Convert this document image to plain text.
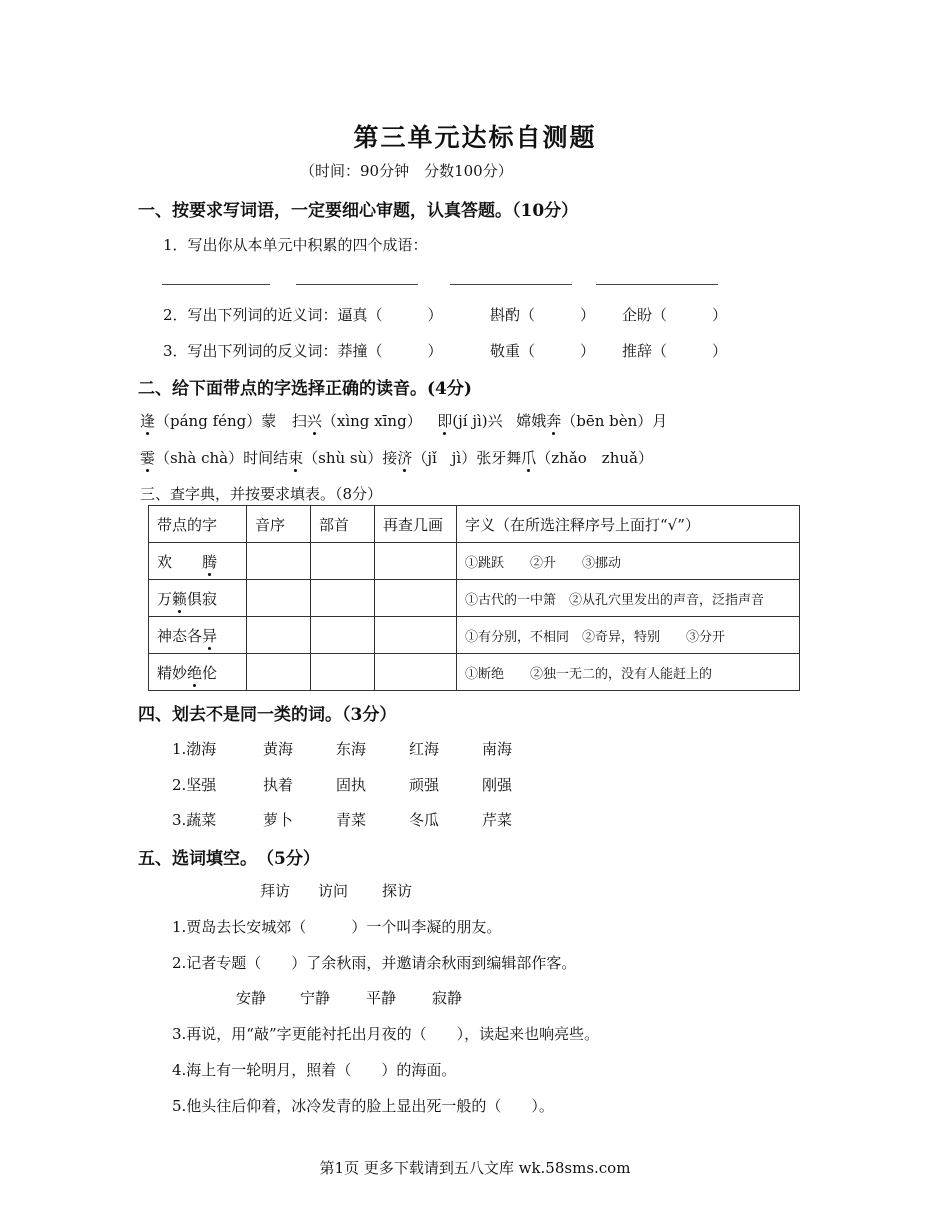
第三单元达标自测题
（时间：90分钟　分数100分）
一、按要求写词语，一定要细心审题，认真答题。（10分）
1．写出你从本单元中积累的四个成语：
2．写出下列词的近义词：逼真（　　　）	斟酌（　　　） 企盼（　　　）
3．写出下列词的反义词：莽撞（　　　）	敬重（　　　） 推辞（　　　）
二、给下面带点的字选择正确的读音。(4分)
逢（páng féng）蒙 扫兴（xìng xīng） 即(jí jì)兴 嫦娥奔（bēn bèn）月
霎（shà chà）时间结束（shù sù）接济（jǐ　jì）张牙舞爪（zhǎo　zhuǎ）
三、查字典，并按要求填表。（8分）
带点的字	音序	部首	再查几画	字义（在所选注释序号上面打“√”）
欢　　腾				①跳跃　　②升　　③挪动
万籁俱寂				①古代的一中箫　②从孔穴里发出的声音，泛指声音
神态各异				①有分别，不相同　②奇异，特别　　③分开
精妙绝伦				①断绝　　②独一无二的，没有人能赶上的
四、划去不是同一类的词。（3分）
1.渤海	黄海	东海	红海	南海
2.坚强	执着	固执	顽强	刚强
3.蔬菜	萝卜	青菜	冬瓜	芹菜
五、选词填空。　（5分）
拜访 访问 探访
1.贾岛去长安城郊（　　　）一个叫李凝的朋友。
2.记者专题（　　）了余秋雨，并邀请余秋雨到编辑部作客。
安静 宁静 平静 寂静
3.再说，用“敲”字更能衬托出月夜的（　　），读起来也响亮些。
4.海上有一轮明月，照着（　　）的海面。
5.他头往后仰着，冰冷发青的脸上显出死一般的（　　）。
第1页 更多下载请到五八文库 wk.58sms.com
